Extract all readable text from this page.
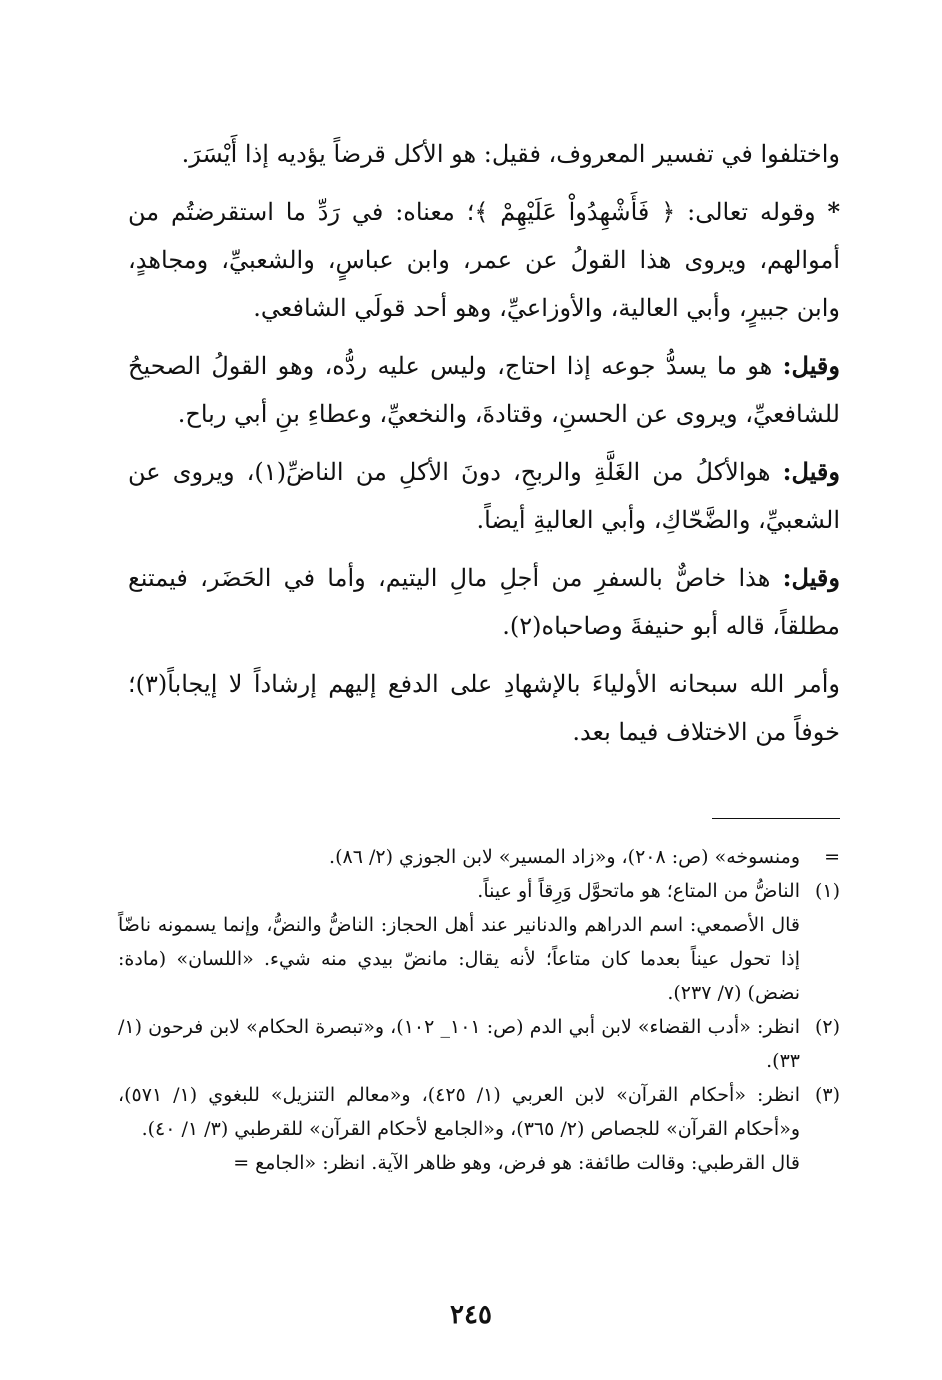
واختلفوا في تفسير المعروف، فقيل: هو الأكل قرضاً يؤديه إذا أَيْسَرَ.

* وقوله تعالى: ﴿ فَأَشْهِدُواْ عَلَيْهِمْ ﴾؛ معناه: في رَدِّ ما استقرضتُم من أموالهم، ويروى هذا القولُ عن عمر، وابن عباسٍ، والشعبيِّ، ومجاهدٍ، وابن جبيرٍ، وأبي العالية، والأوزاعيِّ، وهو أحد قولَي الشافعي.

وقيل: هو ما يسدُّ جوعه إذا احتاج، وليس عليه ردُّه، وهو القولُ الصحيحُ للشافعيِّ، ويروى عن الحسنِ، وقتادةَ، والنخعيِّ، وعطاءِ بنِ أبي رباح.

وقيل: هوالأكلُ من الغَلَّةِ والربحِ، دونَ الأكلِ من الناضِّ(١)، ويروى عن الشعبيِّ، والضَّحّاكِ، وأبي العاليةِ أيضاً.

وقيل: هذا خاصٌّ بالسفرِ من أجلِ مالِ اليتيم، وأما في الحَضَر، فيمتنع مطلقاً، قاله أبو حنيفةَ وصاحباه(٢).

وأمر الله سبحانه الأولياءَ بالإشهادِ على الدفع إليهم إرشاداً لا إيجاباً(٣)؛ خوفاً من الاختلاف فيما بعد.

=
ومنسوخه» (ص: ٢٠٨)، و«زاد المسير» لابن الجوزي (٢/ ٨٦).
(١)
الناضُّ من المتاع؛ هو ماتحوَّل وَرِقاً أو عيناً.
قال الأصمعي: اسم الدراهم والدنانير عند أهل الحجاز: الناضُّ والنضُّ، وإنما يسمونه ناضّاً إذا تحول عيناً بعدما كان متاعاً؛ لأنه يقال: مانضّ بيدي منه شيء. «اللسان» (مادة: نضض) (٧/ ٢٣٧).
(٢)
انظر: «أدب القضاء» لابن أبي الدم (ص: ١٠١_ ١٠٢)، و«تبصرة الحكام» لابن فرحون (١/ ٣٣).
(٣)
انظر: «أحكام القرآن» لابن العربي (١/ ٤٢٥)، و«معالم التنزيل» للبغوي (١/ ٥٧١)، و«أحكام القرآن» للجصاص (٢/ ٣٦٥)، و«الجامع لأحكام القرآن» للقرطبي (٣/ ١/ ٤٠).
قال القرطبي: وقالت طائفة: هو فرض، وهو ظاهر الآية. انظر: «الجامع =
٢٤٥
